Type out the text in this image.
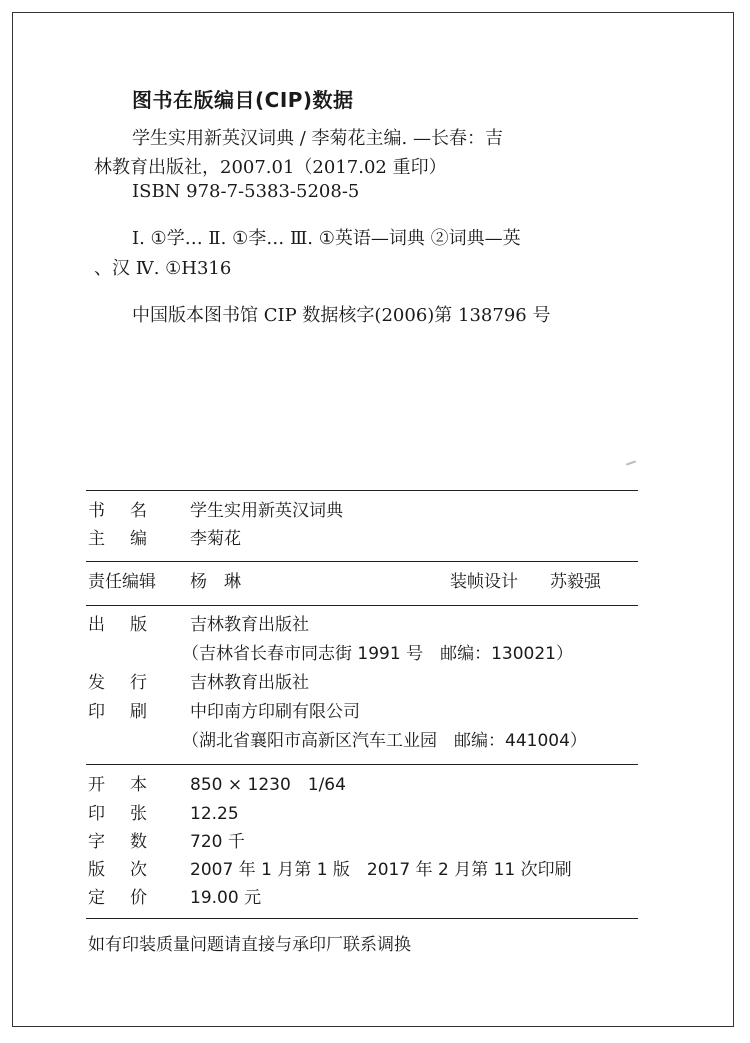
图书在版编目(CIP)数据
学生实用新英汉词典 / 李菊花主编. —长春：吉
林教育出版社，2007.01（2017.02 重印）
ISBN 978-7-5383-5208-5
Ⅰ. ①学… Ⅱ. ①李… Ⅲ. ①英语—词典 ②词典—英
、汉 Ⅳ. ①H316
中国版本图书馆 CIP 数据核字(2006)第 138796 号
书 名	学生实用新英汉词典
主 编	李菊花
责任编辑 杨　琳	装帧设计 苏毅强
出 版	吉林教育出版社
（吉林省长春市同志街 1991 号　邮编：130021）
发 行	吉林教育出版社
印 刷	中印南方印刷有限公司
（湖北省襄阳市高新区汽车工业园　邮编：441004）
开 本	850 × 1230　1/64
印 张	12.25
字 数	720 千
版 次	2007 年 1 月第 1 版　2017 年 2 月第 11 次印刷
定 价	19.00 元
如有印装质量问题请直接与承印厂联系调换
